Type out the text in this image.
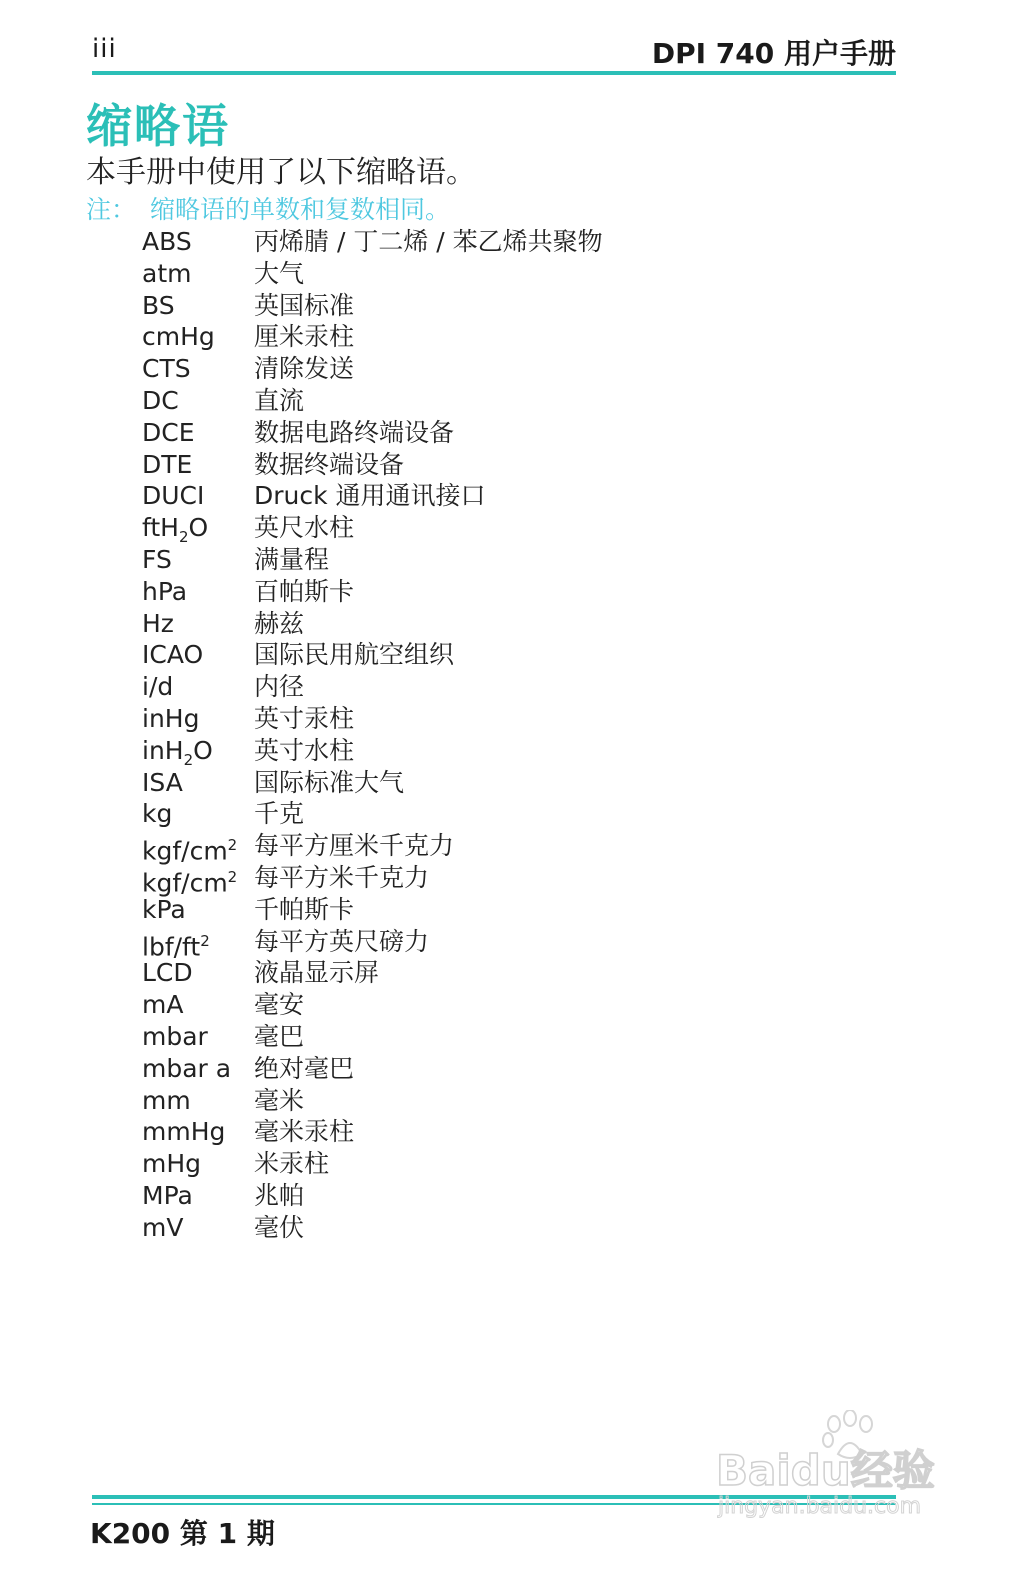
iii	DPI 740 用户手册
缩略语
本手册中使用了以下缩略语。
注： 缩略语的单数和复数相同。
ABS 丙烯腈 / 丁二烯 / 苯乙烯共聚物
atm	大气
BS	英国标准
cmHg 厘米汞柱
CTS	清除发送
DC	直流
DCE 数据电路终端设备
DTE 数据终端设备
DUCI Druck 通用通讯接口
ftH$_2$O 英尺水柱
FS	满量程
hPa	百帕斯卡
Hz	赫兹
ICAO 国际民用航空组织
i/d	内径
inHg 英寸汞柱
inH$_2$O 英寸水柱
ISA	国际标准大气
kg	千克
kgf/$cm^2$ 每平方厘米千克力
kgf/$cm^2$ 每平方米千克力
kPa	千帕斯卡
lbf/$ft^2$ 每平方英尺磅力
LCD 液晶显示屏
mA	毫安
mbar 毫巴
mbar a 绝对毫巴
mm	毫米
mmHg 毫米汞柱
mHg 米汞柱
MPa 兆帕
mV	毫伏
K200 第 1 期
Baidu经验
jingyan.baidu.com
